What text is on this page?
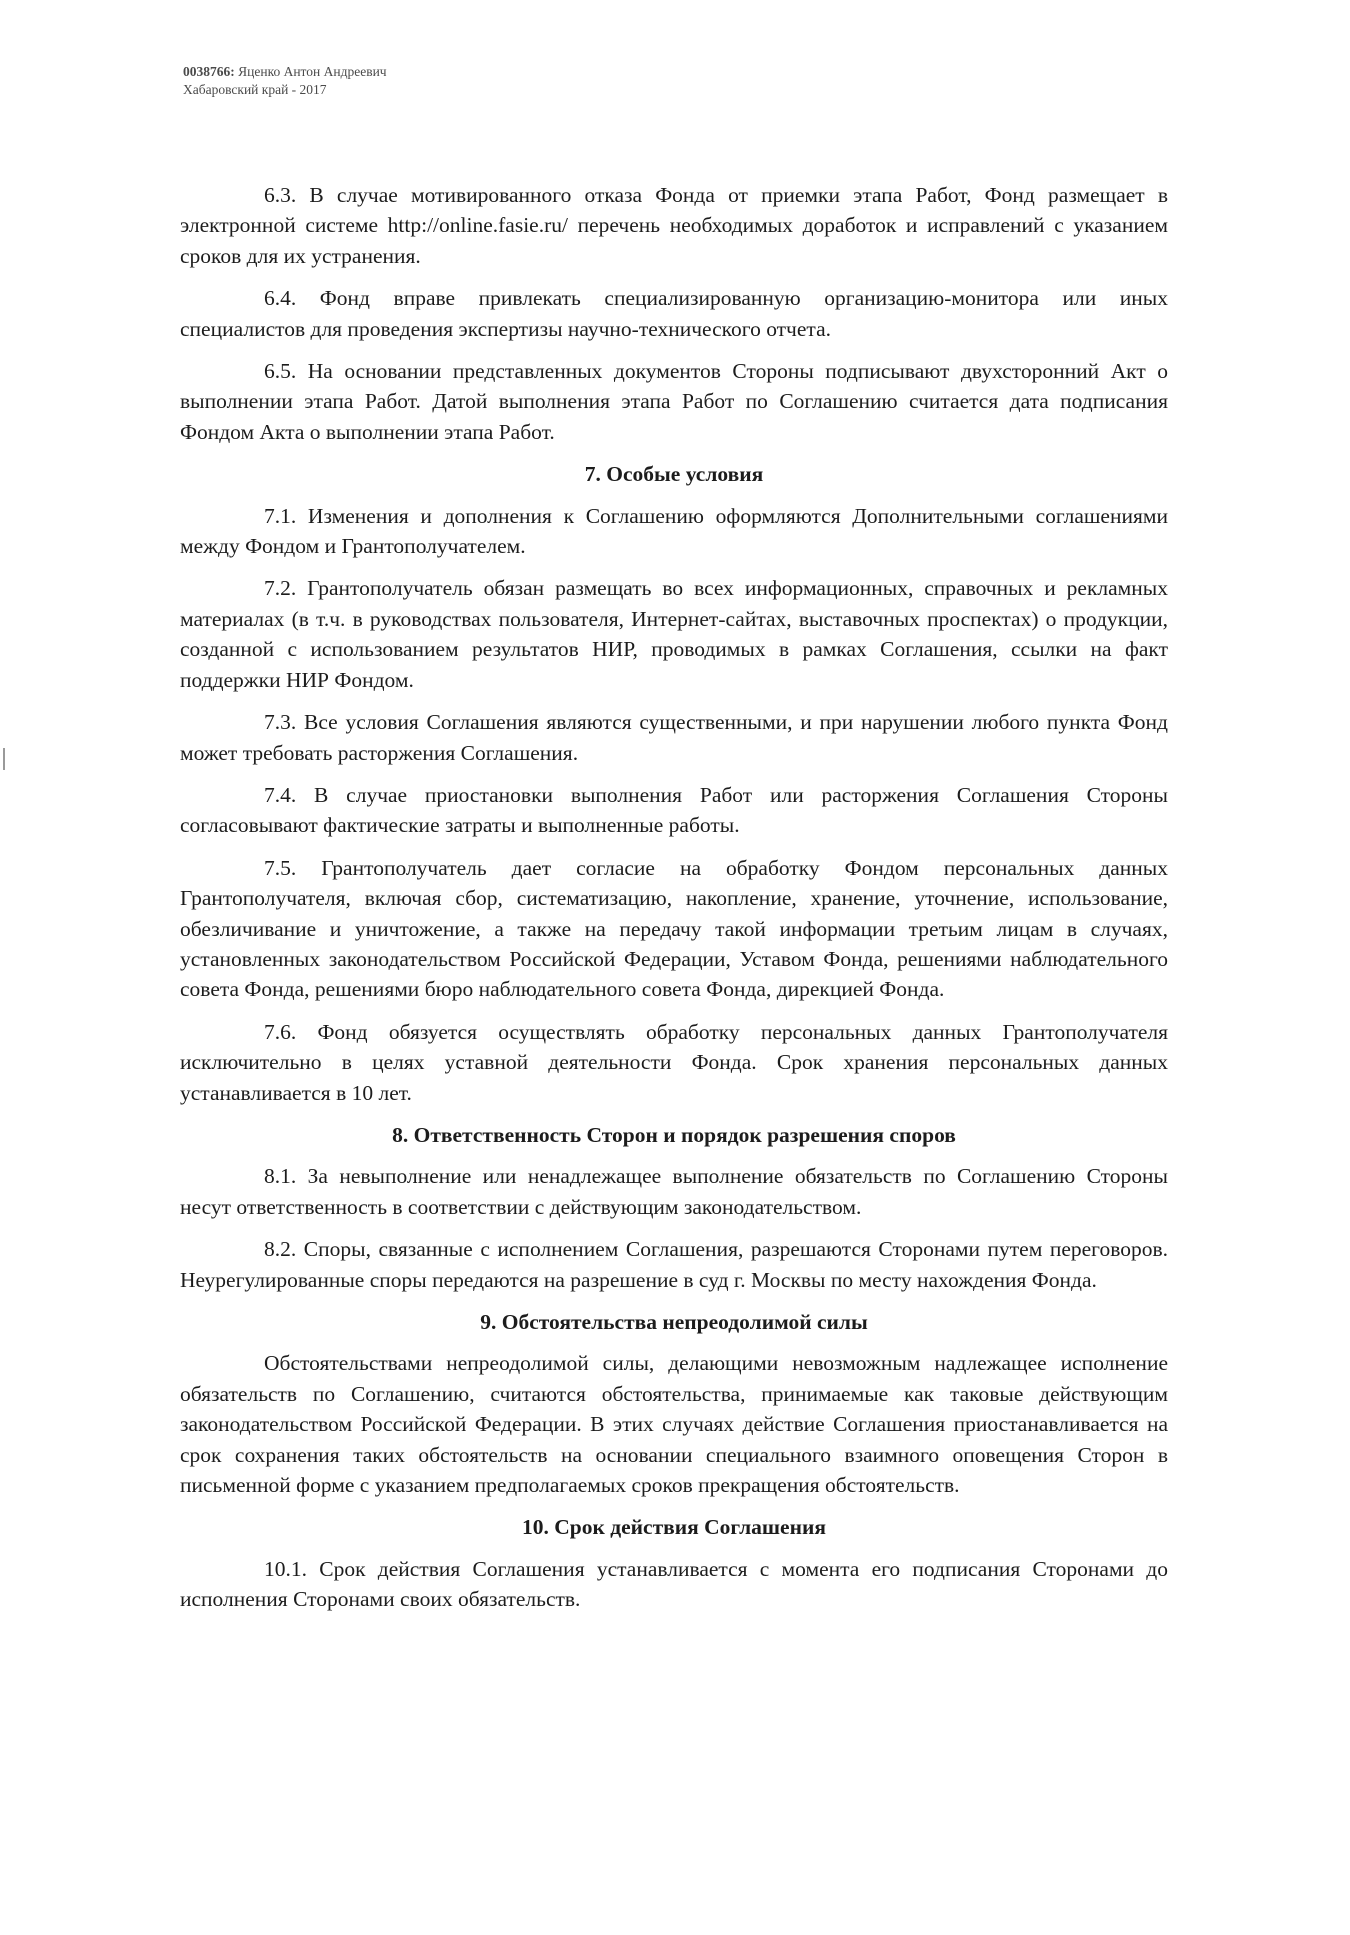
0038766: Яценко Антон Андреевич
Хабаровский край - 2017

6.3. В случае мотивированного отказа Фонда от приемки этапа Работ, Фонд размещает в электронной системе http://online.fasie.ru/ перечень необходимых доработок и исправлений с указанием сроков для их устранения.

6.4. Фонд вправе привлекать специализированную организацию-монитора или иных специалистов для проведения экспертизы научно-технического отчета.

6.5. На основании представленных документов Стороны подписывают двухсторонний Акт о выполнении этапа Работ. Датой выполнения этапа Работ по Соглашению считается дата подписания Фондом Акта о выполнении этапа Работ.

7. Особые условия

7.1. Изменения и дополнения к Соглашению оформляются Дополнительными соглашениями между Фондом и Грантополучателем.

7.2. Грантополучатель обязан размещать во всех информационных, справочных и рекламных материалах (в т.ч. в руководствах пользователя, Интернет-сайтах, выставочных проспектах) о продукции, созданной с использованием результатов НИР, проводимых в рамках Соглашения, ссылки на факт поддержки НИР Фондом.

7.3. Все условия Соглашения являются существенными, и при нарушении любого пункта Фонд может требовать расторжения Соглашения.

7.4. В случае приостановки выполнения Работ или расторжения Соглашения Стороны согласовывают фактические затраты и выполненные работы.

7.5. Грантополучатель дает согласие на обработку Фондом персональных данных Грантополучателя, включая сбор, систематизацию, накопление, хранение, уточнение, использование, обезличивание и уничтожение, а также на передачу такой информации третьим лицам в случаях, установленных законодательством Российской Федерации, Уставом Фонда, решениями наблюдательного совета Фонда, решениями бюро наблюдательного совета Фонда, дирекцией Фонда.

7.6. Фонд обязуется осуществлять обработку персональных данных Грантополучателя исключительно в целях уставной деятельности Фонда. Срок хранения персональных данных устанавливается в 10 лет.

8. Ответственность Сторон и порядок разрешения споров

8.1. За невыполнение или ненадлежащее выполнение обязательств по Соглашению Стороны несут ответственность в соответствии с действующим законодательством.

8.2. Споры, связанные с исполнением Соглашения, разрешаются Сторонами путем переговоров. Неурегулированные споры передаются на разрешение в суд г. Москвы по месту нахождения Фонда.

9. Обстоятельства непреодолимой силы

Обстоятельствами непреодолимой силы, делающими невозможным надлежащее исполнение обязательств по Соглашению, считаются обстоятельства, принимаемые как таковые действующим законодательством Российской Федерации. В этих случаях действие Соглашения приостанавливается на срок сохранения таких обстоятельств на основании специального взаимного оповещения Сторон в письменной форме с указанием предполагаемых сроков прекращения обстоятельств.

10. Срок действия Соглашения

10.1. Срок действия Соглашения устанавливается с момента его подписания Сторонами до исполнения Сторонами своих обязательств.
